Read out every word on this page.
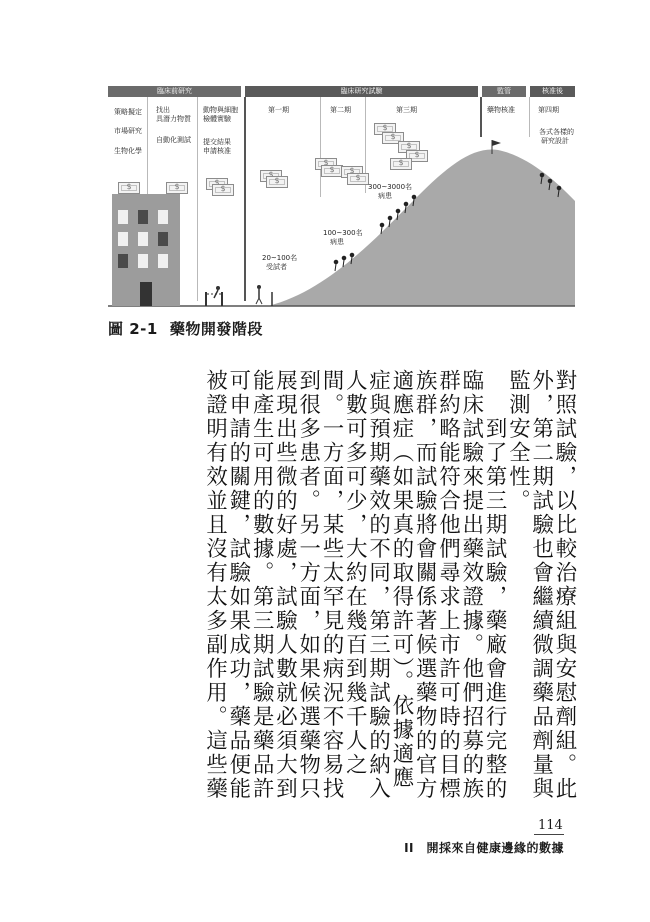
臨床前研究	臨床研究試驗	監管	核准後
策略擬定
市場研究
生物化學
找出
具潛力物質
自動化測試
動物與細胞
檢體實驗
提交結果
申請核准
第一期	第二期	第三期	藥物核准	第四期
$
$
$
$
$
$
$
$
$
$
$
$
$
$
$
20~100名
受試者
100~300名
病患
300~3000名
病患
各式各樣的
研究設計
圖 2-1 藥物開發階段
對照試驗，以比較治療組與安慰劑組。此
外，第二期試驗也會繼續微調藥品劑量與
監測安全性。
　　到了第三期試驗，藥廠會進行完整的
臨床試驗來提出藥效證據。他們招募的族
群約略能符合他們尋求上市許可時的目標
族群，而試驗將會關係著候選藥物的官方
適應症（如果真的取得許可）。依據適應
症與預期藥效的不同，第三期試驗的納入
人數可多可少，大約在幾百到幾千人之
間。一方面，某些太罕見的病況不容易找
到很多患者。另一方面，如果候選藥物只
展現出些微的好處，試驗人數就必須大到
能產生可用的數據。第三期試驗是藥品許
可申請的關鍵，試驗如果成功，藥品便能
被證明有效並且沒有太多副作用。這些藥
114
II　開採來自健康邊緣的數據
